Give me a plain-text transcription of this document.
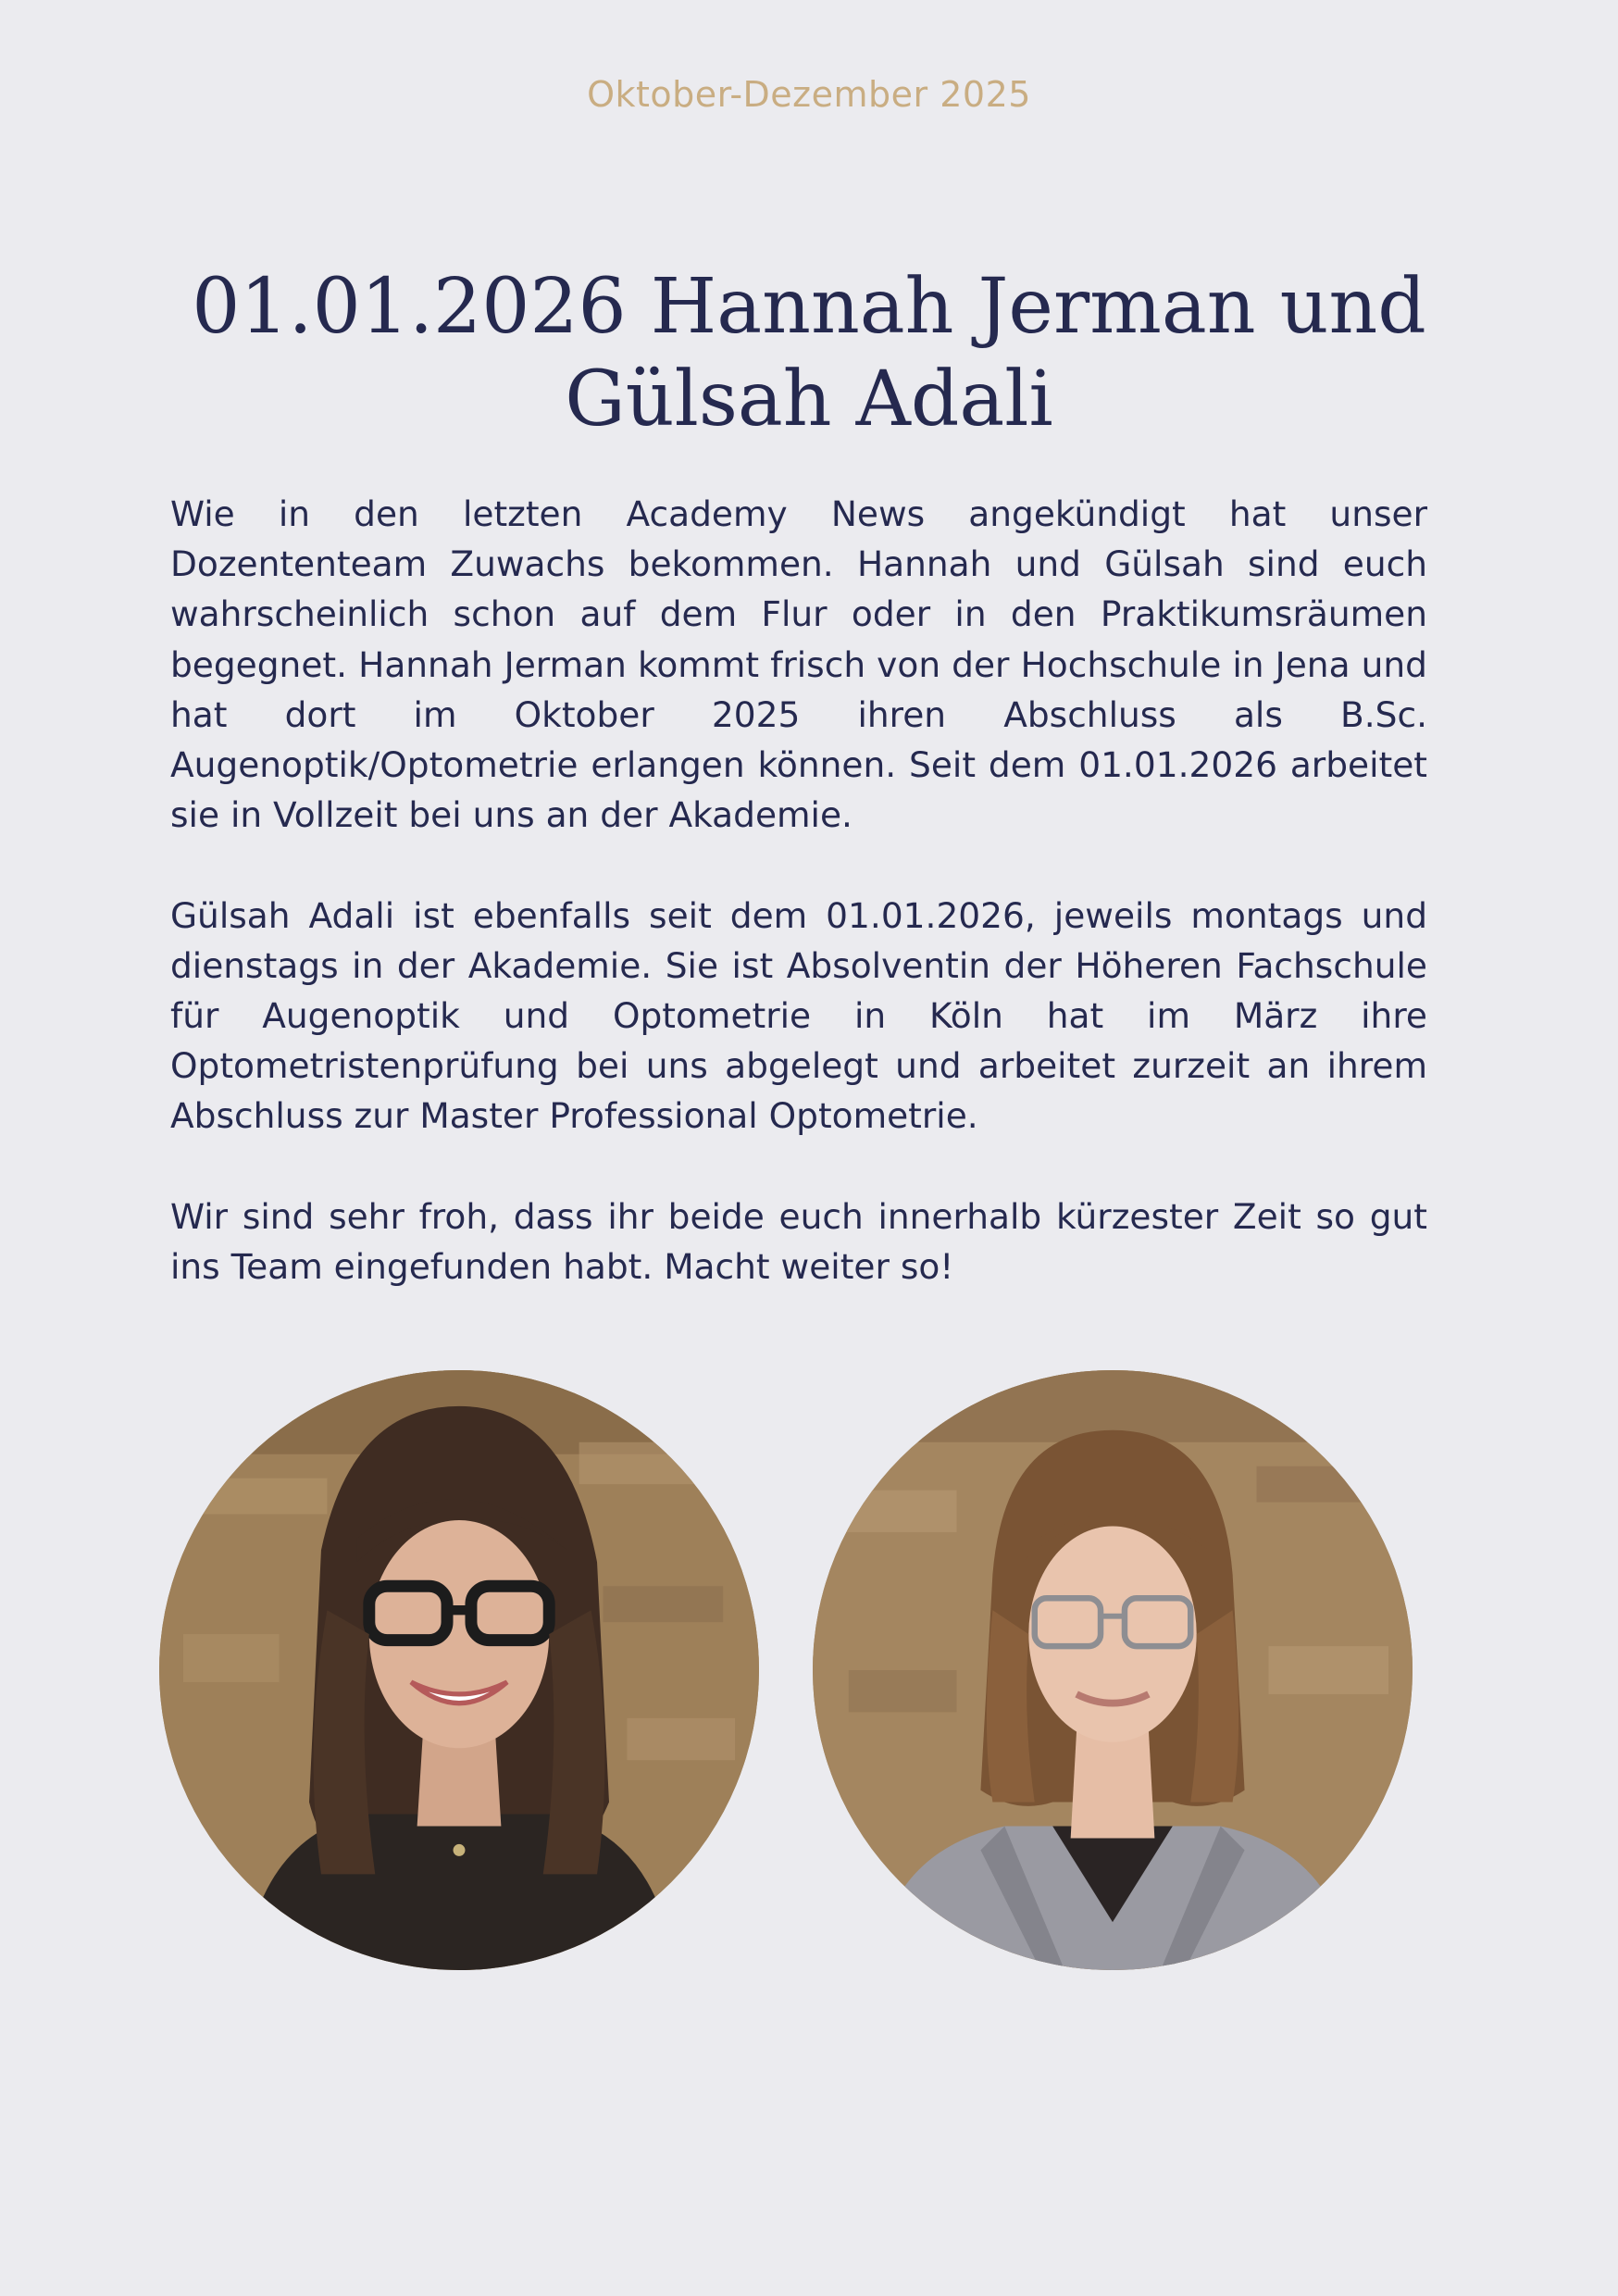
Oktober-Dezember 2025
01.01.2026 Hannah Jerman und
Gülsah Adali

Wie in den letzten Academy News angekündigt hat unser Dozententeam Zuwachs bekommen. Hannah und Gülsah sind euch wahrscheinlich schon auf dem Flur oder in den Praktikumsräumen begegnet. Hannah Jerman kommt frisch von der Hochschule in Jena und hat dort im Oktober 2025 ihren Abschluss als B.Sc. Augenoptik/Optometrie erlangen können. Seit dem 01.01.2026 arbeitet sie in Vollzeit bei uns an der Akademie.

Gülsah Adali ist ebenfalls seit dem 01.01.2026, jeweils montags und dienstags in der Akademie. Sie ist Absolventin der Höheren Fachschule für Augenoptik und Optometrie in Köln hat im März ihre Optometristenprüfung bei uns abgelegt und arbeitet zurzeit an ihrem Abschluss zur Master Professional Optometrie.

Wir sind sehr froh, dass ihr beide euch innerhalb kürzester Zeit so gut ins Team eingefunden habt. Macht weiter so!
